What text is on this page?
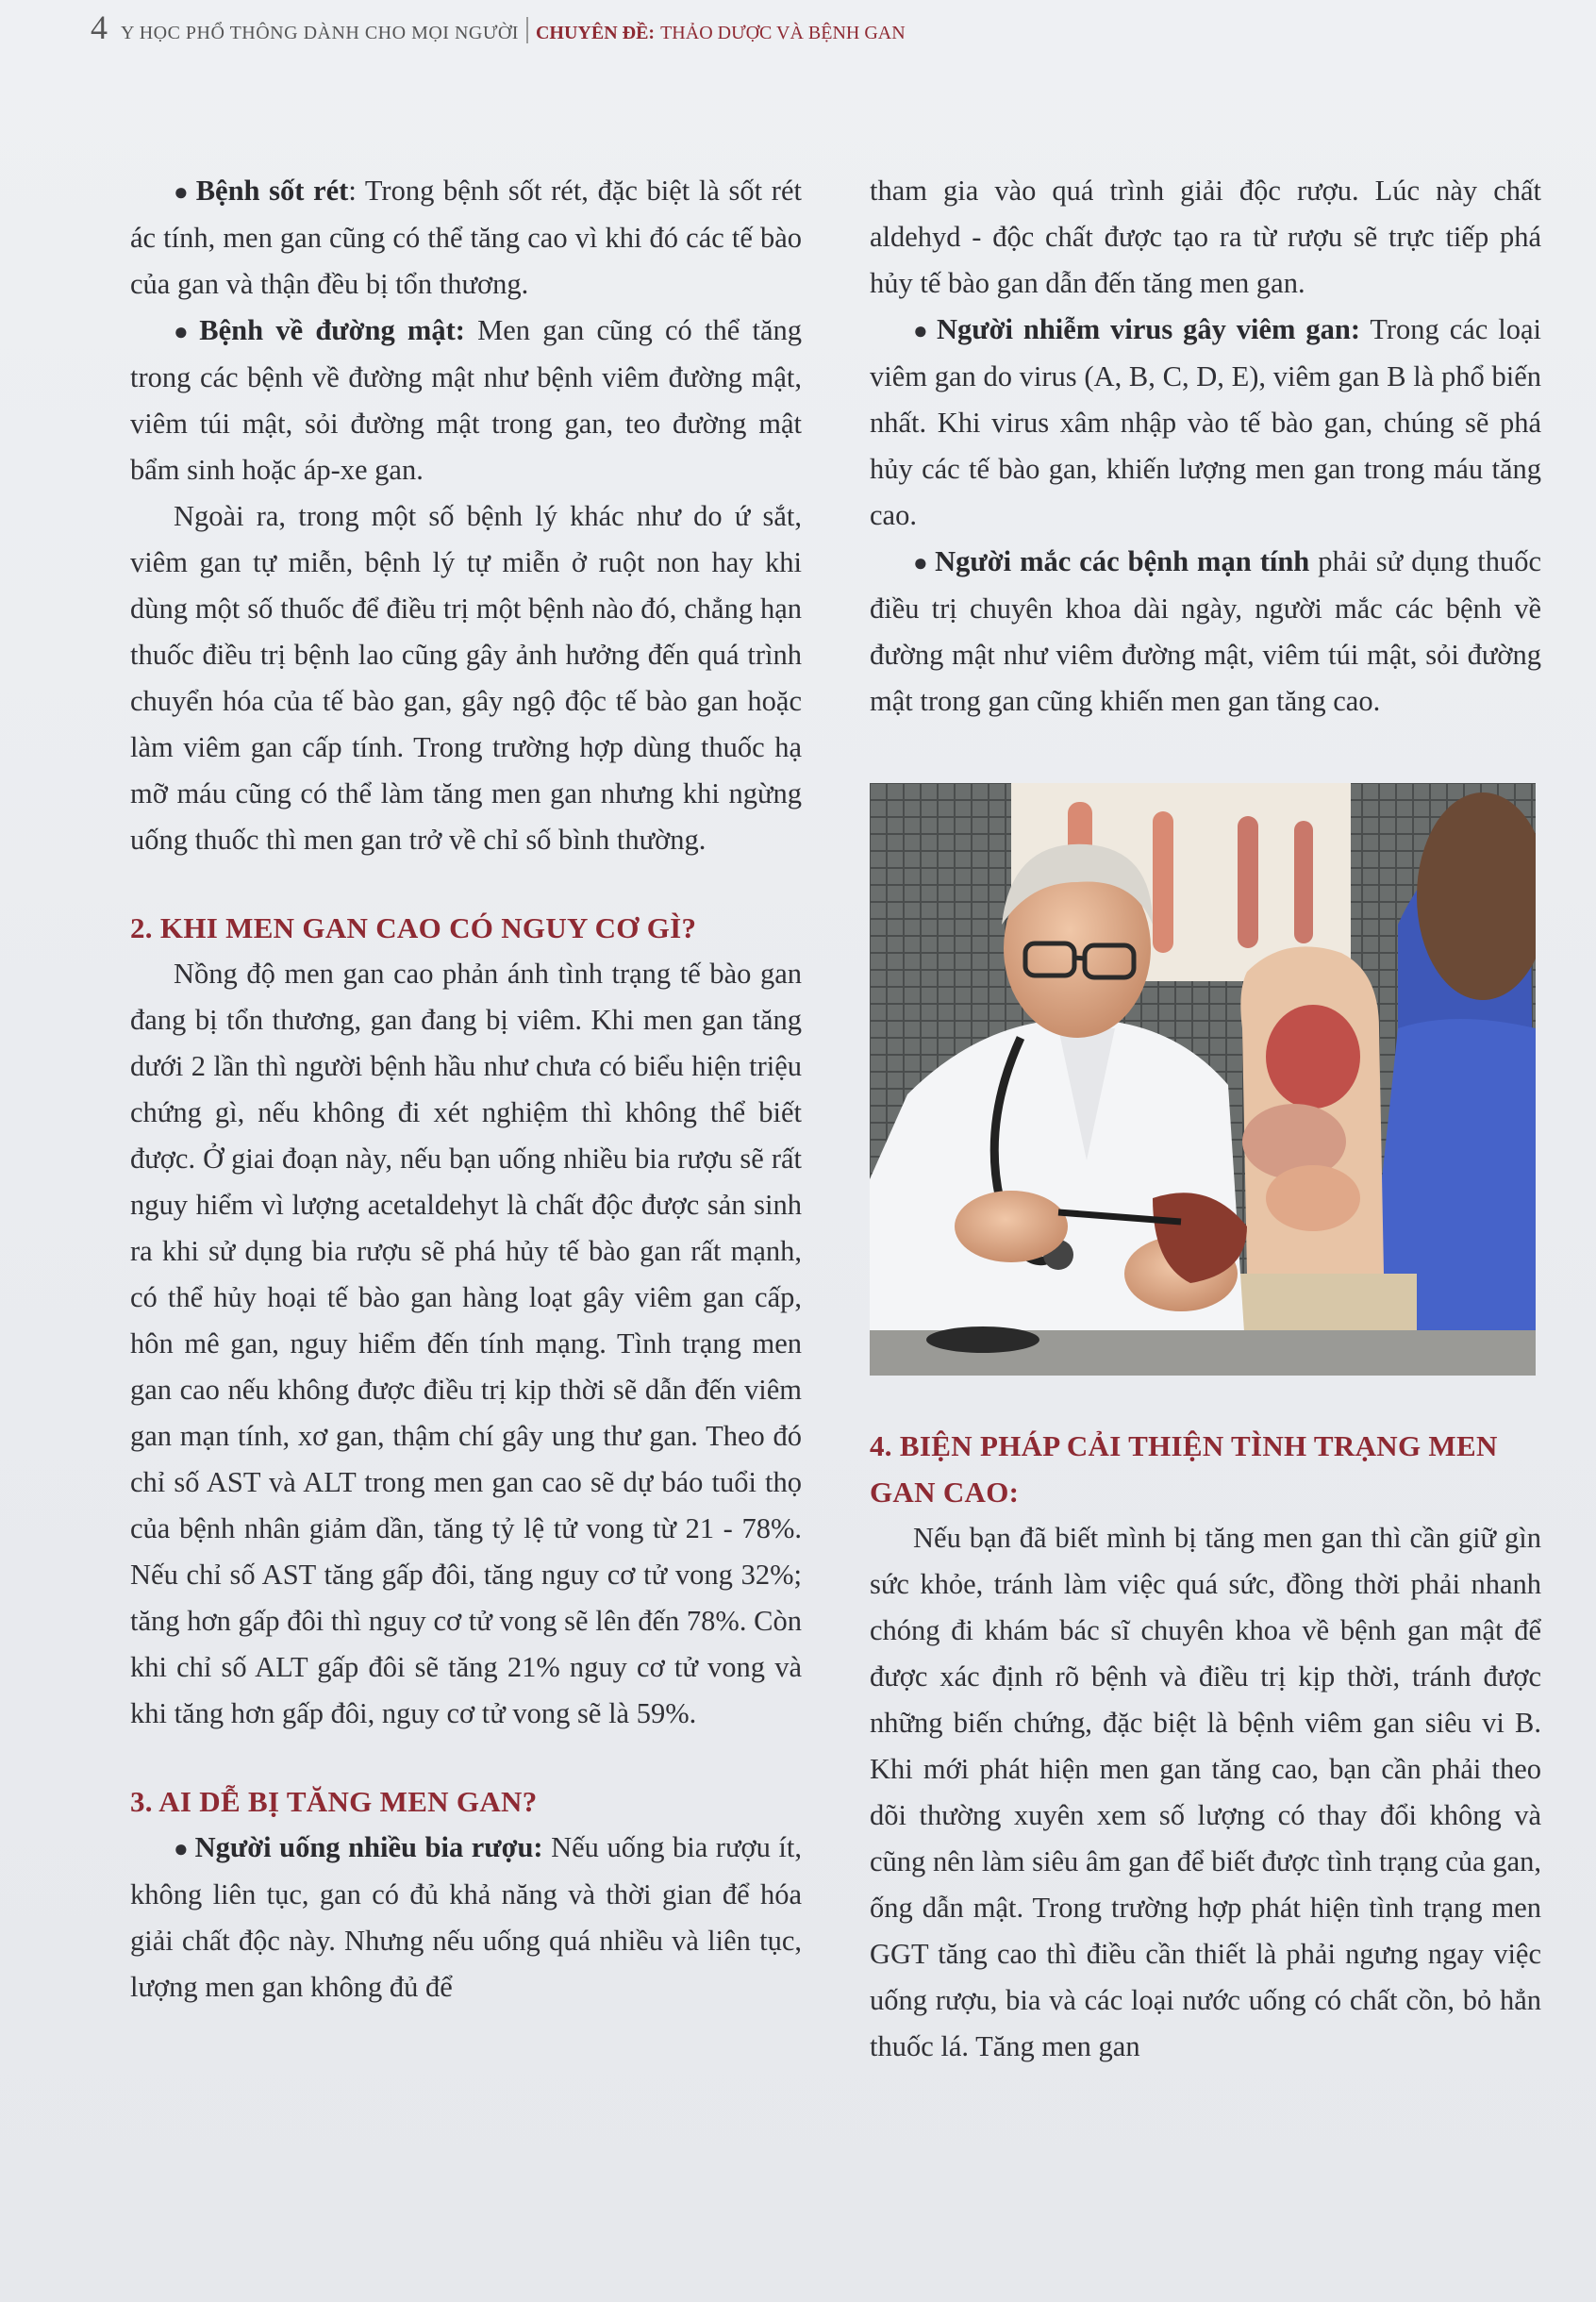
4 Y HỌC PHỔ THÔNG DÀNH CHO MỌI NGƯỜI CHUYÊN ĐỀ: THẢO DƯỢC VÀ BỆNH GAN

● Bệnh sốt rét: Trong bệnh sốt rét, đặc biệt là sốt rét ác tính, men gan cũng có thể tăng cao vì khi đó các tế bào của gan và thận đều bị tổn thương.

● Bệnh về đường mật: Men gan cũng có thể tăng trong các bệnh về đường mật như bệnh viêm đường mật, viêm túi mật, sỏi đường mật trong gan, teo đường mật bẩm sinh hoặc áp-xe gan.

Ngoài ra, trong một số bệnh lý khác như do ứ sắt, viêm gan tự miễn, bệnh lý tự miễn ở ruột non hay khi dùng một số thuốc để điều trị một bệnh nào đó, chẳng hạn thuốc điều trị bệnh lao cũng gây ảnh hưởng đến quá trình chuyển hóa của tế bào gan, gây ngộ độc tế bào gan hoặc làm viêm gan cấp tính. Trong trường hợp dùng thuốc hạ mỡ máu cũng có thể làm tăng men gan nhưng khi ngừng uống thuốc thì men gan trở về chỉ số bình thường.

2. KHI MEN GAN CAO CÓ NGUY CƠ GÌ?

Nồng độ men gan cao phản ánh tình trạng tế bào gan đang bị tổn thương, gan đang bị viêm. Khi men gan tăng dưới 2 lần thì người bệnh hầu như chưa có biểu hiện triệu chứng gì, nếu không đi xét nghiệm thì không thể biết được. Ở giai đoạn này, nếu bạn uống nhiều bia rượu sẽ rất nguy hiểm vì lượng acetaldehyt là chất độc được sản sinh ra khi sử dụng bia rượu sẽ phá hủy tế bào gan rất mạnh, có thể hủy hoại tế bào gan hàng loạt gây viêm gan cấp, hôn mê gan, nguy hiểm đến tính mạng. Tình trạng men gan cao nếu không được điều trị kịp thời sẽ dẫn đến viêm gan mạn tính, xơ gan, thậm chí gây ung thư gan. Theo đó chỉ số AST và ALT trong men gan cao sẽ dự báo tuổi thọ của bệnh nhân giảm dần, tăng tỷ lệ tử vong từ 21 - 78%. Nếu chỉ số AST tăng gấp đôi, tăng nguy cơ tử vong 32%; tăng hơn gấp đôi thì nguy cơ tử vong sẽ lên đến 78%. Còn khi chỉ số ALT gấp đôi sẽ tăng 21% nguy cơ tử vong và khi tăng hơn gấp đôi, nguy cơ tử vong sẽ là 59%.

3. AI DỄ BỊ TĂNG MEN GAN?

● Người uống nhiều bia rượu: Nếu uống bia rượu ít, không liên tục, gan có đủ khả năng và thời gian để hóa giải chất độc này. Nhưng nếu uống quá nhiều và liên tục, lượng men gan không đủ để

tham gia vào quá trình giải độc rượu. Lúc này chất aldehyd - độc chất được tạo ra từ rượu sẽ trực tiếp phá hủy tế bào gan dẫn đến tăng men gan.

● Người nhiễm virus gây viêm gan: Trong các loại viêm gan do virus (A, B, C, D, E), viêm gan B là phổ biến nhất. Khi virus xâm nhập vào tế bào gan, chúng sẽ phá hủy các tế bào gan, khiến lượng men gan trong máu tăng cao.

● Người mắc các bệnh mạn tính phải sử dụng thuốc điều trị chuyên khoa dài ngày, người mắc các bệnh về đường mật như viêm đường mật, viêm túi mật, sỏi đường mật trong gan cũng khiến men gan tăng cao.

4. BIỆN PHÁP CẢI THIỆN TÌNH TRẠNG MEN GAN CAO:

Nếu bạn đã biết mình bị tăng men gan thì cần giữ gìn sức khỏe, tránh làm việc quá sức, đồng thời phải nhanh chóng đi khám bác sĩ chuyên khoa về bệnh gan mật để được xác định rõ bệnh và điều trị kịp thời, tránh được những biến chứng, đặc biệt là bệnh viêm gan siêu vi B. Khi mới phát hiện men gan tăng cao, bạn cần phải theo dõi thường xuyên xem số lượng có thay đổi không và cũng nên làm siêu âm gan để biết được tình trạng của gan, ống dẫn mật. Trong trường hợp phát hiện tình trạng men GGT tăng cao thì điều cần thiết là phải ngưng ngay việc uống rượu, bia và các loại nước uống có chất cồn, bỏ hẳn thuốc lá. Tăng men gan
